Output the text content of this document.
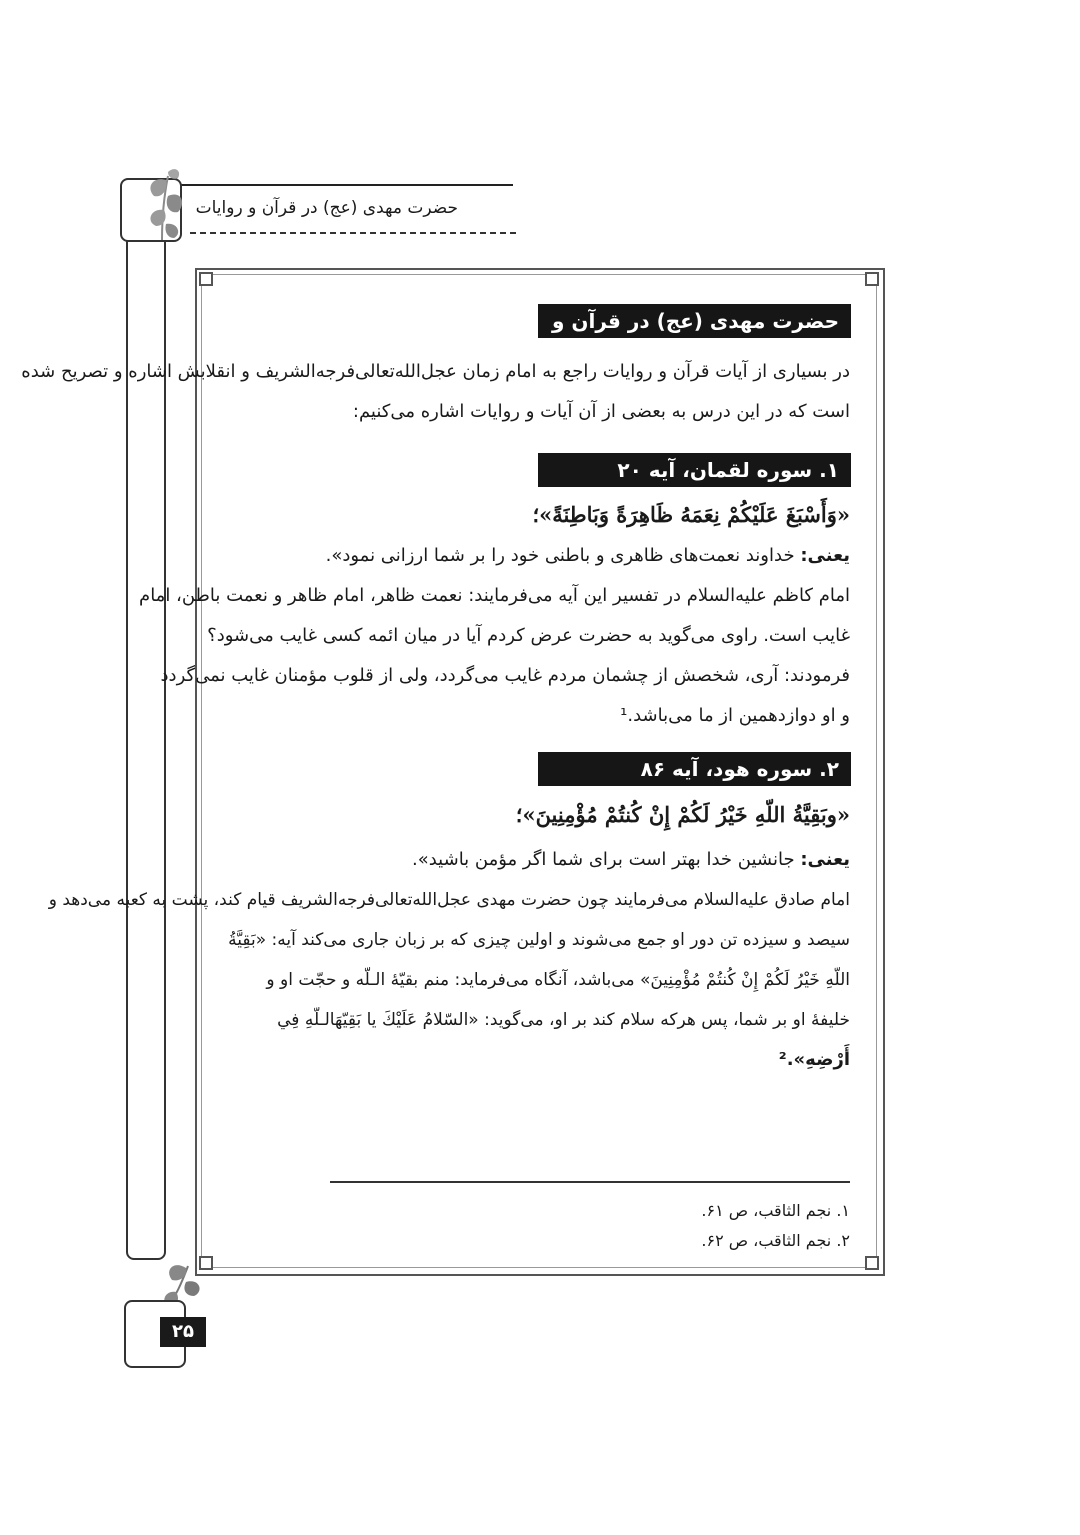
حضرت مهدی (عج) در قرآن و روایات
حضرت مهدی (عج) در قرآن و روایات
در بسیاری از آیات قرآن و روایات راجع به امام زمان عجل‌الله‌تعالی‌فرجه‌الشریف و انقلابش اشاره و تصریح شده
است که در این درس به بعضی از آن آیات و روایات اشاره می‌کنیم:
۱. سوره لقمان، آیه ۲۰
«وَأَسْبَغَ عَلَيْكُمْ نِعَمَهُ ظَاهِرَةً وَبَاطِنَةً»؛
یعنی: خداوند نعمت‌های ظاهری و باطنی خود را بر شما ارزانی نمود».
امام کاظم علیه‌السلام در تفسیر این آیه می‌فرمایند: نعمت ظاهر، امام ظاهر و نعمت باطن، امام
غایب است. راوی می‌گوید به حضرت عرض کردم آیا در میان ائمه کسی غایب می‌شود؟
فرمودند: آری، شخصش از چشمان مردم غایب می‌گردد، ولی از قلوب مؤمنان غایب نمی‌گردد
و او دوازدهمین از ما می‌باشد.¹
۲. سوره هود، آیه ۸۶
«وبَقِيَّةُ اللّهِ خَيْرُ لَكُمْ إِنْ كُنتُمْ مُؤْمِنِينَ»؛
یعنی: جانشین خدا بهتر است برای شما اگر مؤمن باشید».
امام صادق علیه‌السلام می‌فرمایند چون حضرت مهدی عجل‌الله‌تعالی‌فرجه‌الشریف قیام کند، پشت به کعبه می‌دهد و
سیصد و سیزده تن دور او جمع می‌شوند و اولین چیزی که بر زبان جاری می‌کند آیه: «بَقِيَّةُ
اللّهِ خَيْرُ لَكُمْ إِنْ كُنتُمْ مُؤْمِنِينَ» می‌باشد، آنگاه می‌فرماید: منم بقیّهٔ الـلّه و حجّت او و
خلیفهٔ او بر شما، پس هرکه سلام کند بر او، می‌گوید: «السّلامُ عَلَيْكَ يا بَقِيّهَالـلّهِ فِي
أَرْضِهِ».²
۱. نجم الثاقب، ص ۶۱.
۲. نجم الثاقب، ص ۶۲.
۲۵
